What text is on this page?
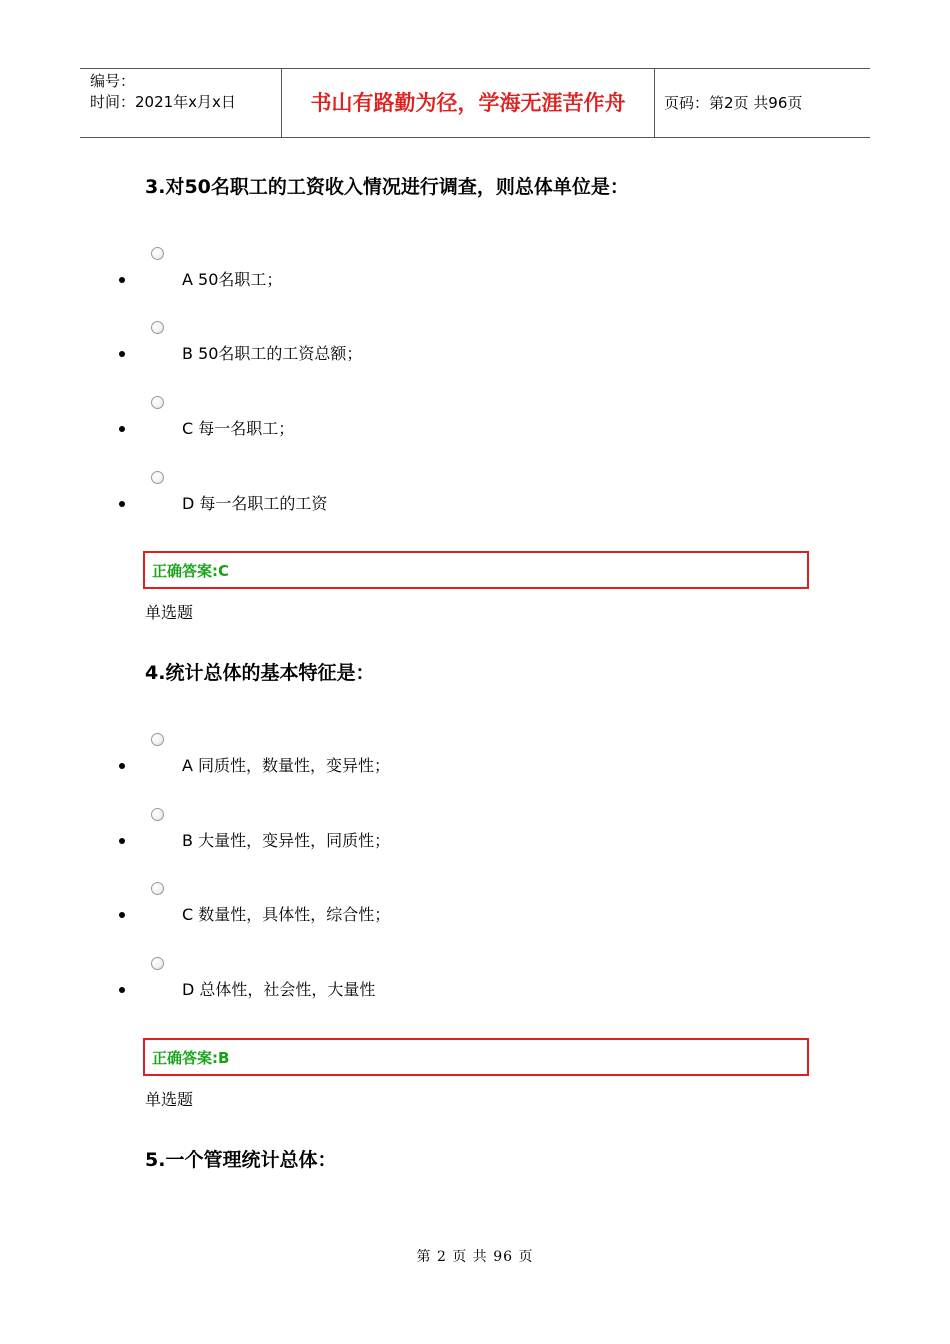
编号：
时间：2021年x月x日	书山有路勤为径，学海无涯苦作舟	页码：第2页 共96页
3.对50名职工的工资收入情况进行调查，则总体单位是：
A 50名职工；
B 50名职工的工资总额；
C 每一名职工；
D 每一名职工的工资
正确答案:C
单选题
4.统计总体的基本特征是：
A 同质性，数量性，变异性；
B 大量性，变异性，同质性；
C 数量性，具体性，综合性；
D 总体性，社会性，大量性
正确答案:B
单选题
5.一个管理统计总体：
第 2 页 共 96 页
